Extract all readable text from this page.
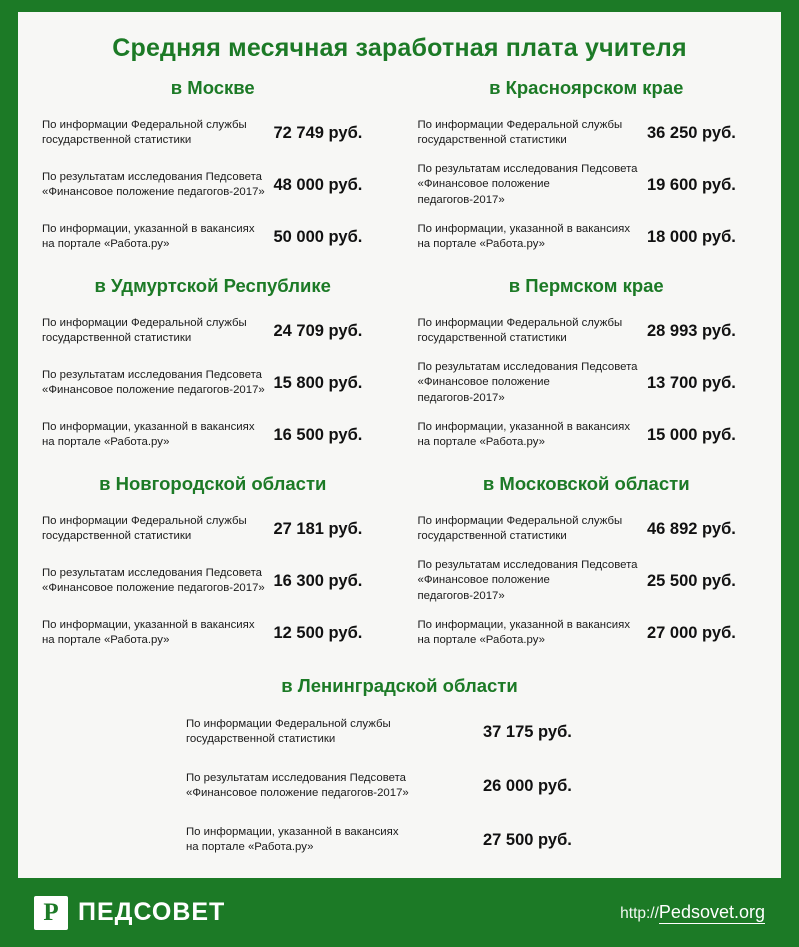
Средняя месячная заработная плата учителя
в Москве
По информации Федеральной службы
государственной статистики	72 749 руб.
По результатам исследования Педсовета
«Финансовое положение педагогов-2017» 48 000 руб.
По информации, указанной в вакансиях
на портале «Работа.ру»	50 000 руб.
в Красноярском крае
По информации Федеральной службы
государственной статистики	36 250 руб.
По результатам исследования Педсовета
«Финансовое положение педагогов-2017»
19 600 руб.
По информации, указанной в вакансиях
на портале «Работа.ру»	18 000 руб.
в Удмуртской Республике
По информации Федеральной службы
государственной статистики	24 709 руб.
По результатам исследования Педсовета
«Финансовое положение педагогов-2017» 15 800 руб.
По информации, указанной в вакансиях
на портале «Работа.ру»	16 500 руб.
в Пермском крае
По информации Федеральной службы
государственной статистики	28 993 руб.
По результатам исследования Педсовета
«Финансовое положение педагогов-2017»
13 700 руб.
По информации, указанной в вакансиях
на портале «Работа.ру»	15 000 руб.
в Новгородской области
По информации Федеральной службы
государственной статистики	27 181 руб.
По результатам исследования Педсовета
«Финансовое положение педагогов-2017» 16 300 руб.
По информации, указанной в вакансиях
на портале «Работа.ру»	12 500 руб.
в Московской области
По информации Федеральной службы
государственной статистики	46 892 руб.
По результатам исследования Педсовета
«Финансовое положение педагогов-2017»
25 500 руб.
По информации, указанной в вакансиях
на портале «Работа.ру»	27 000 руб.
в Ленинградской области
По информации Федеральной службы
государственной статистики	37 175 руб.
По результатам исследования Педсовета
«Финансовое положение педагогов-2017»	26 000 руб.
По информации, указанной в вакансиях
на портале «Работа.ру»	27 500 руб.
Р ПЕДСОВЕТ	http://Pedsovet.org
